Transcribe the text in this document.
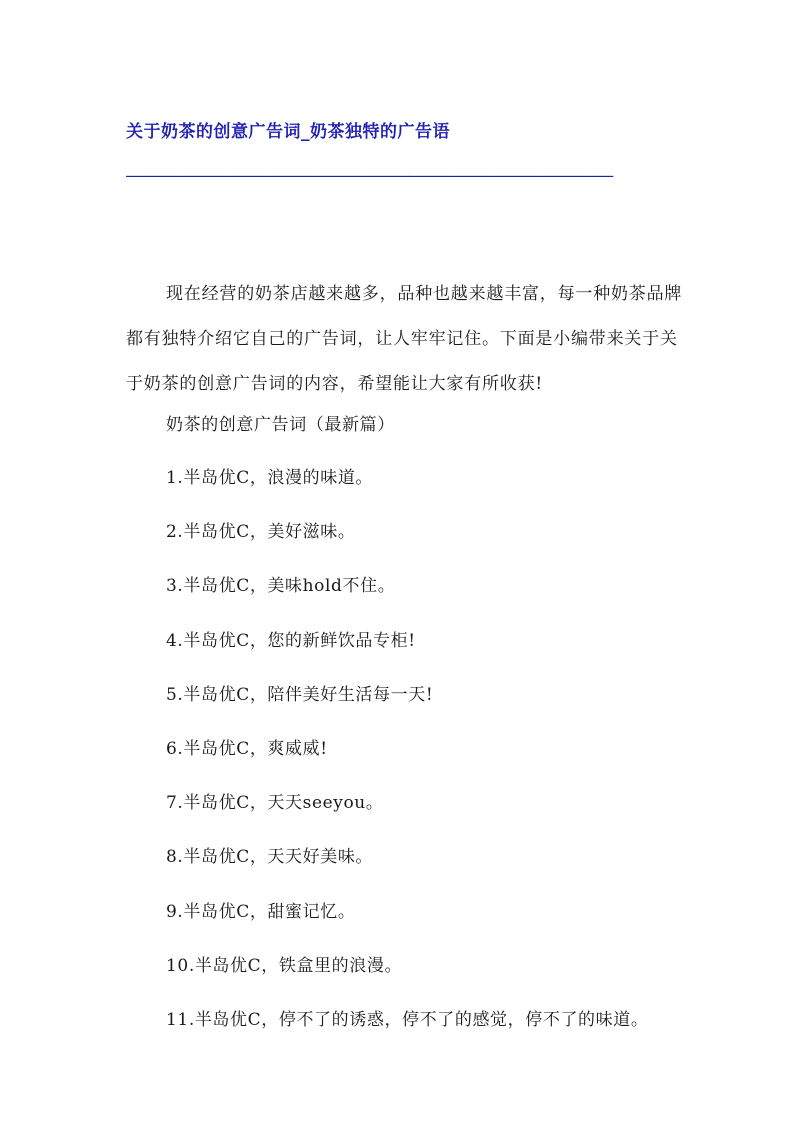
关于奶茶的创意广告词_奶茶独特的广告语
——————————————————————————————————————————————————
现在经营的奶茶店越来越多，品种也越来越丰富，每一种奶茶品牌都有独特介绍它自己的广告词，让人牢牢记住。下面是小编带来关于关于奶茶的创意广告词的内容，希望能让大家有所收获!
奶茶的创意广告词（最新篇）
1.半岛优C，浪漫的味道。
2.半岛优C，美好滋味。
3.半岛优C，美味hold不住。
4.半岛优C，您的新鲜饮品专柜!
5.半岛优C，陪伴美好生活每一天!
6.半岛优C，爽威威!
7.半岛优C，天天seeyou。
8.半岛优C，天天好美味。
9.半岛优C，甜蜜记忆。
10.半岛优C，铁盒里的浪漫。
11.半岛优C，停不了的诱惑，停不了的感觉，停不了的味道。
